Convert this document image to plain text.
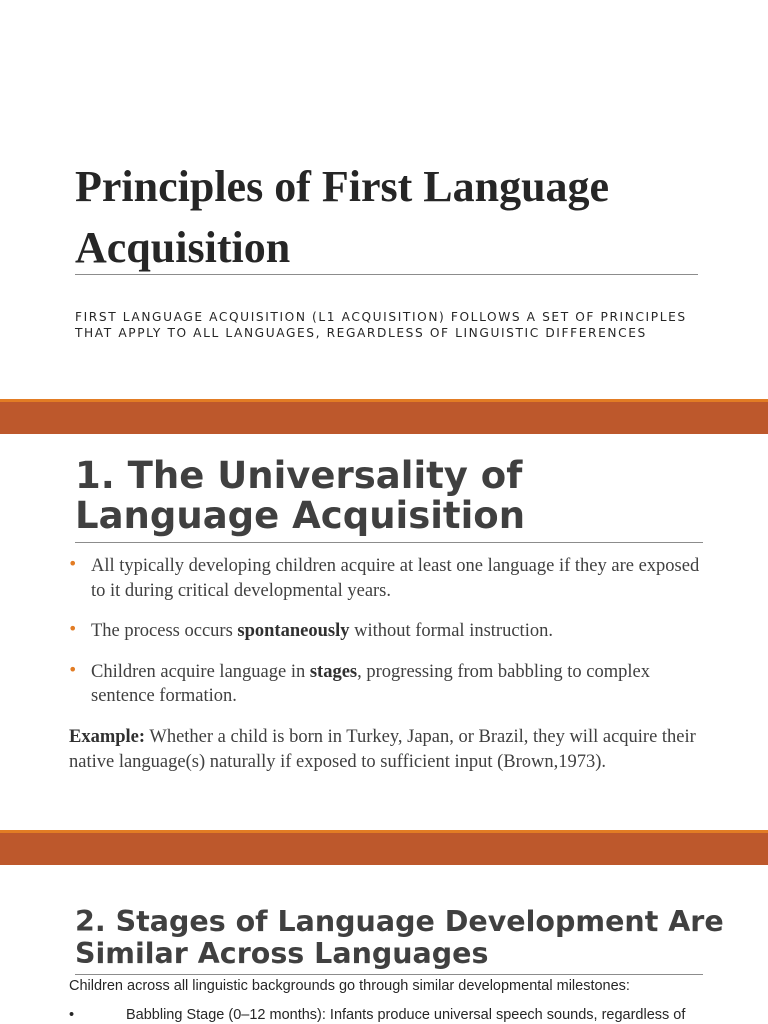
Principles of First Language Acquisition

FIRST LANGUAGE ACQUISITION (L1 ACQUISITION) FOLLOWS A SET OF PRINCIPLES THAT APPLY TO ALL LANGUAGES, REGARDLESS OF LINGUISTIC DIFFERENCES

1. The Universality of Language Acquisition
• All typically developing children acquire at least one language if they are exposed to it during critical developmental years.
• The process occurs spontaneously without formal instruction.
• Children acquire language in stages, progressing from babbling to complex sentence formation.

Example: Whether a child is born in Turkey, Japan, or Brazil, they will acquire their native language(s) naturally if exposed to sufficient input (Brown,1973).

2. Stages of Language Development Are Similar Across Languages

Children across all linguistic backgrounds go through similar developmental milestones:

•	Babbling Stage (0–12 months): Infants produce universal speech sounds, regardless of
